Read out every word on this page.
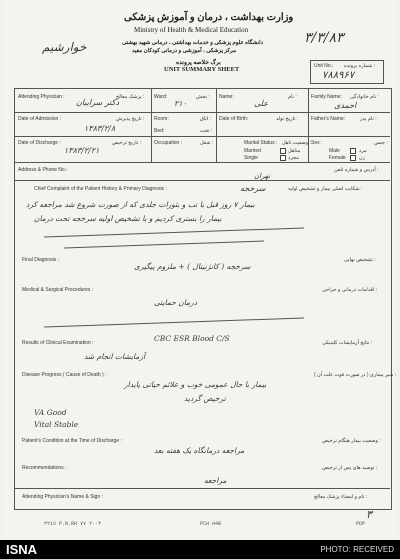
خوارشیم
وزارت بهداشت ، درمان و آموزش پزشکی
Ministry of Health & Medical Education	۳/۳/۸۳
دانشگاه علوم پزشکی و خدمات بهداشتی ، درمانی شهید بهشتی
مرکز پزشکی ، آموزشی و درمانی کودکان مفید
برگ خلاصه پرونده
UNIT SUMMARY SHEET	Unit No.: شماره پرونده :
۷۸۸۹۶۷
Attending Physician :	پزشک معالج :
دکتر سراییان
Ward:	بخش :
۲۱۰
Name:	نام :
علی
Family Name: نام خانوادگی :
احمدی
Date of Admission :	تاریخ پذیرش :
۱۳۸۳/۲/۸
Room:	اتاق :
Bed:	تخت :
Date of Birth:	تاریخ تولد :	Father's Name:	نام پدر :
Date of Discharge :	تاریخ ترخیص :
۱۳۸۳/۲/۲۱
Occupation :	شغل :	Marital Status : وضعیت تاهل :
Married	متاهل
Single	مجرد
Sex :	جنس :
Male	مرد
Female	زن
Address & Phone No.:	آدرس و شماره تلفن :
تهران
Chief Complaint of the Patient History & Primary Diagnosis :	شکایت اصلی بیمار و تشخیص اولیه :
سرخجه
بیمار ۷ روز قبل با تب و بثورات جلدی که از صورت شروع شد مراجعه کرد
بیمار را بستری کردیم و با تشخیص اولیه سرخجه تحت درمان
Final Diagnosis :	تشخیص نهایی :
سرخجه ( کانژنیتال ) + ملزوم پیگیری
Medical & Surgical Procedures :	اقدامات درمانی و جراحی :
درمان حمایتی
Results of Clinical Examination :	نتایج آزمایشات کلینیکی :
CBC ESR Blood C/S
آزمایشات انجام شد
Disease Progress ( Cause of Death ) :	سیر بیماری ( در صورت فوت علت آن ) :
بیمار با حال عمومی خوب و علائم حیاتی پایدار
ترخیص گردید
VA Good
Vital Stable
Patient's Condition at the Time of Discharge :	وضعیت بیمار هنگام ترخیص :
مراجعه درمانگاه یک هفته بعد
Recommendations :	توصیه های پس از ترخیص :
مراجعه
Attending Physician's Name & Sign :	نام و امضاء پزشک معالج :
٣٢٤٥ P.N.RH ٢٠٠٣ ٧٧	PCH H4B	PDP
۳
ISNA	PHOTO: RECEIVED
